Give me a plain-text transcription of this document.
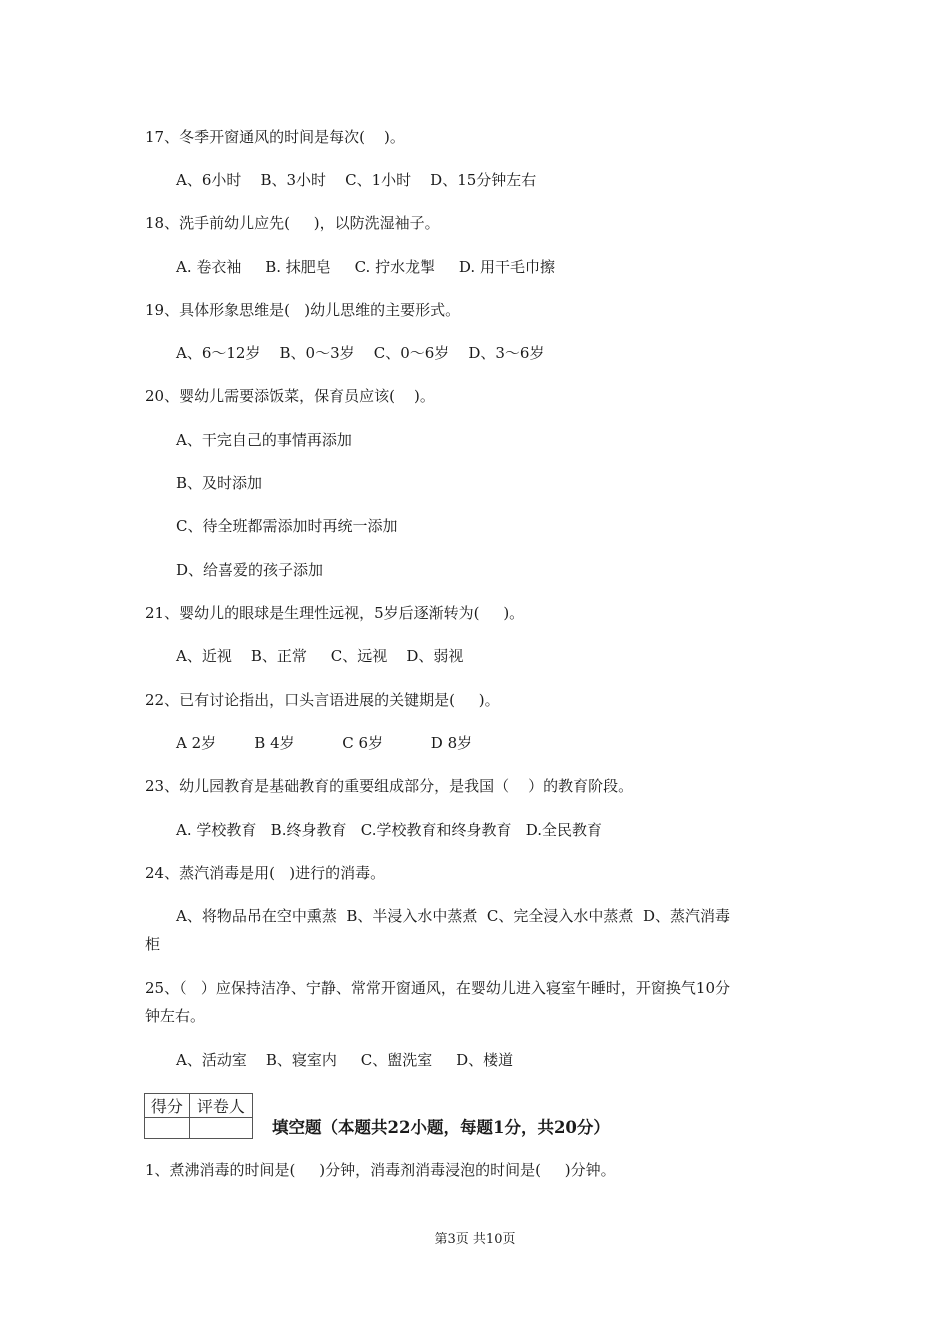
17、冬季开窗通风的时间是每次(    )。
A、6小时    B、3小时    C、1小时    D、15分钟左右
18、洗手前幼儿应先(     )，以防洗湿袖子。
A. 卷衣袖     B. 抹肥皂     C. 拧水龙掣     D. 用干毛巾擦
19、具体形象思维是(   )幼儿思维的主要形式。
A、6～12岁    B、0～3岁    C、0～6岁    D、3～6岁
20、婴幼儿需要添饭菜，保育员应该(    )。
A、干完自己的事情再添加
B、及时添加
C、待全班都需添加时再统一添加
D、给喜爱的孩子添加
21、婴幼儿的眼球是生理性远视，5岁后逐渐转为(     )。
A、近视    B、正常     C、远视    D、弱视
22、已有讨论指出，口头言语进展的关键期是(     )。
A 2岁        B 4岁          C 6岁          D 8岁
23、幼儿园教育是基础教育的重要组成部分，是我国（    ）的教育阶段。
A. 学校教育   B.终身教育   C.学校教育和终身教育   D.全民教育
24、蒸汽消毒是用(   )进行的消毒。
A、将物品吊在空中熏蒸  B、半浸入水中蒸煮  C、完全浸入水中蒸煮  D、蒸汽消毒
柜
25、（   ）应保持洁净、宁静、常常开窗通风，在婴幼儿进入寝室午睡时，开窗换气10分
钟左右。
A、活动室    B、寝室内     C、盥洗室     D、楼道
得分	评卷人

填空题（本题共22小题，每题1分，共20分）
1、煮沸消毒的时间是(     )分钟，消毒剂消毒浸泡的时间是(     )分钟。
第3页 共10页
